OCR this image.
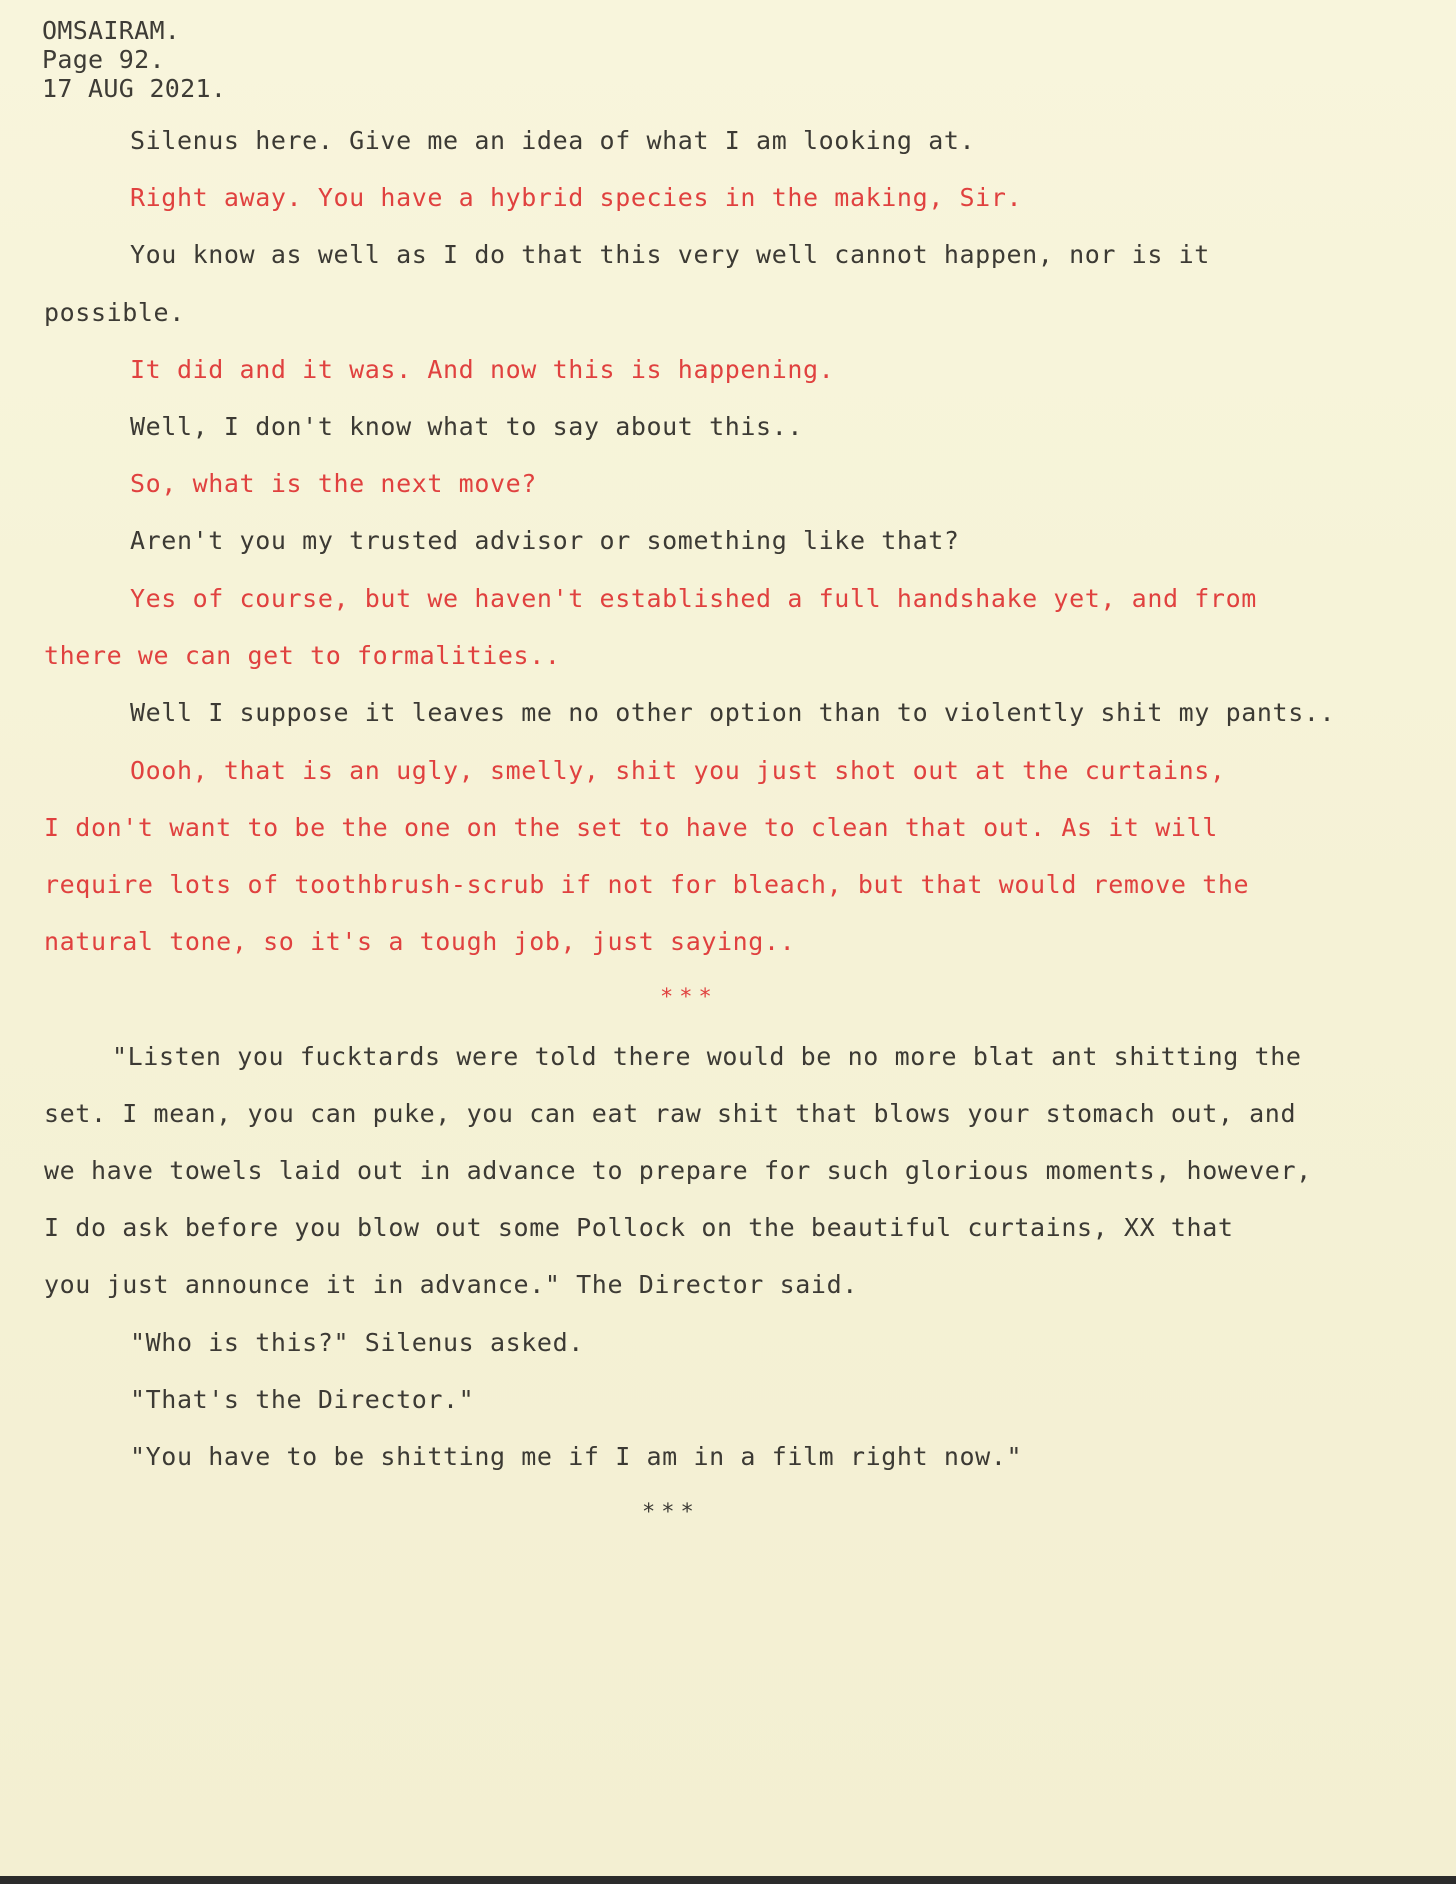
OMSAIRAM.
Page 92.
17 AUG 2021.
Silenus here. Give me an idea of what I am looking at.
Right away. You have a hybrid species in the making, Sir.
You know as well as I do that this very well cannot happen, nor is it
possible.
It did and it was. And now this is happening.
Well, I don't know what to say about this..
So, what is the next move?
Aren't you my trusted advisor or something like that?
Yes of course, but we haven't established a full handshake yet, and from
there we can get to formalities..
Well I suppose it leaves me no other option than to violently shit my pants..
Oooh, that is an ugly, smelly, shit you just shot out at the curtains,
I don't want to be the one on the set to have to clean that out. As it will
require lots of toothbrush-scrub if not for bleach, but that would remove the
natural tone, so it's a tough job, just saying..
***
"Listen you fucktards were told there would be no more blat ant shitting the
set. I mean, you can puke, you can eat raw shit that blows your stomach out, and
we have towels laid out in advance to prepare for such glorious moments, however,
I do ask before you blow out some Pollock on the beautiful curtains, XX that
you just announce it in advance." The Director said.
"Who is this?" Silenus asked.
"That's the Director."
"You have to be shitting me if I am in a film right now."
***
